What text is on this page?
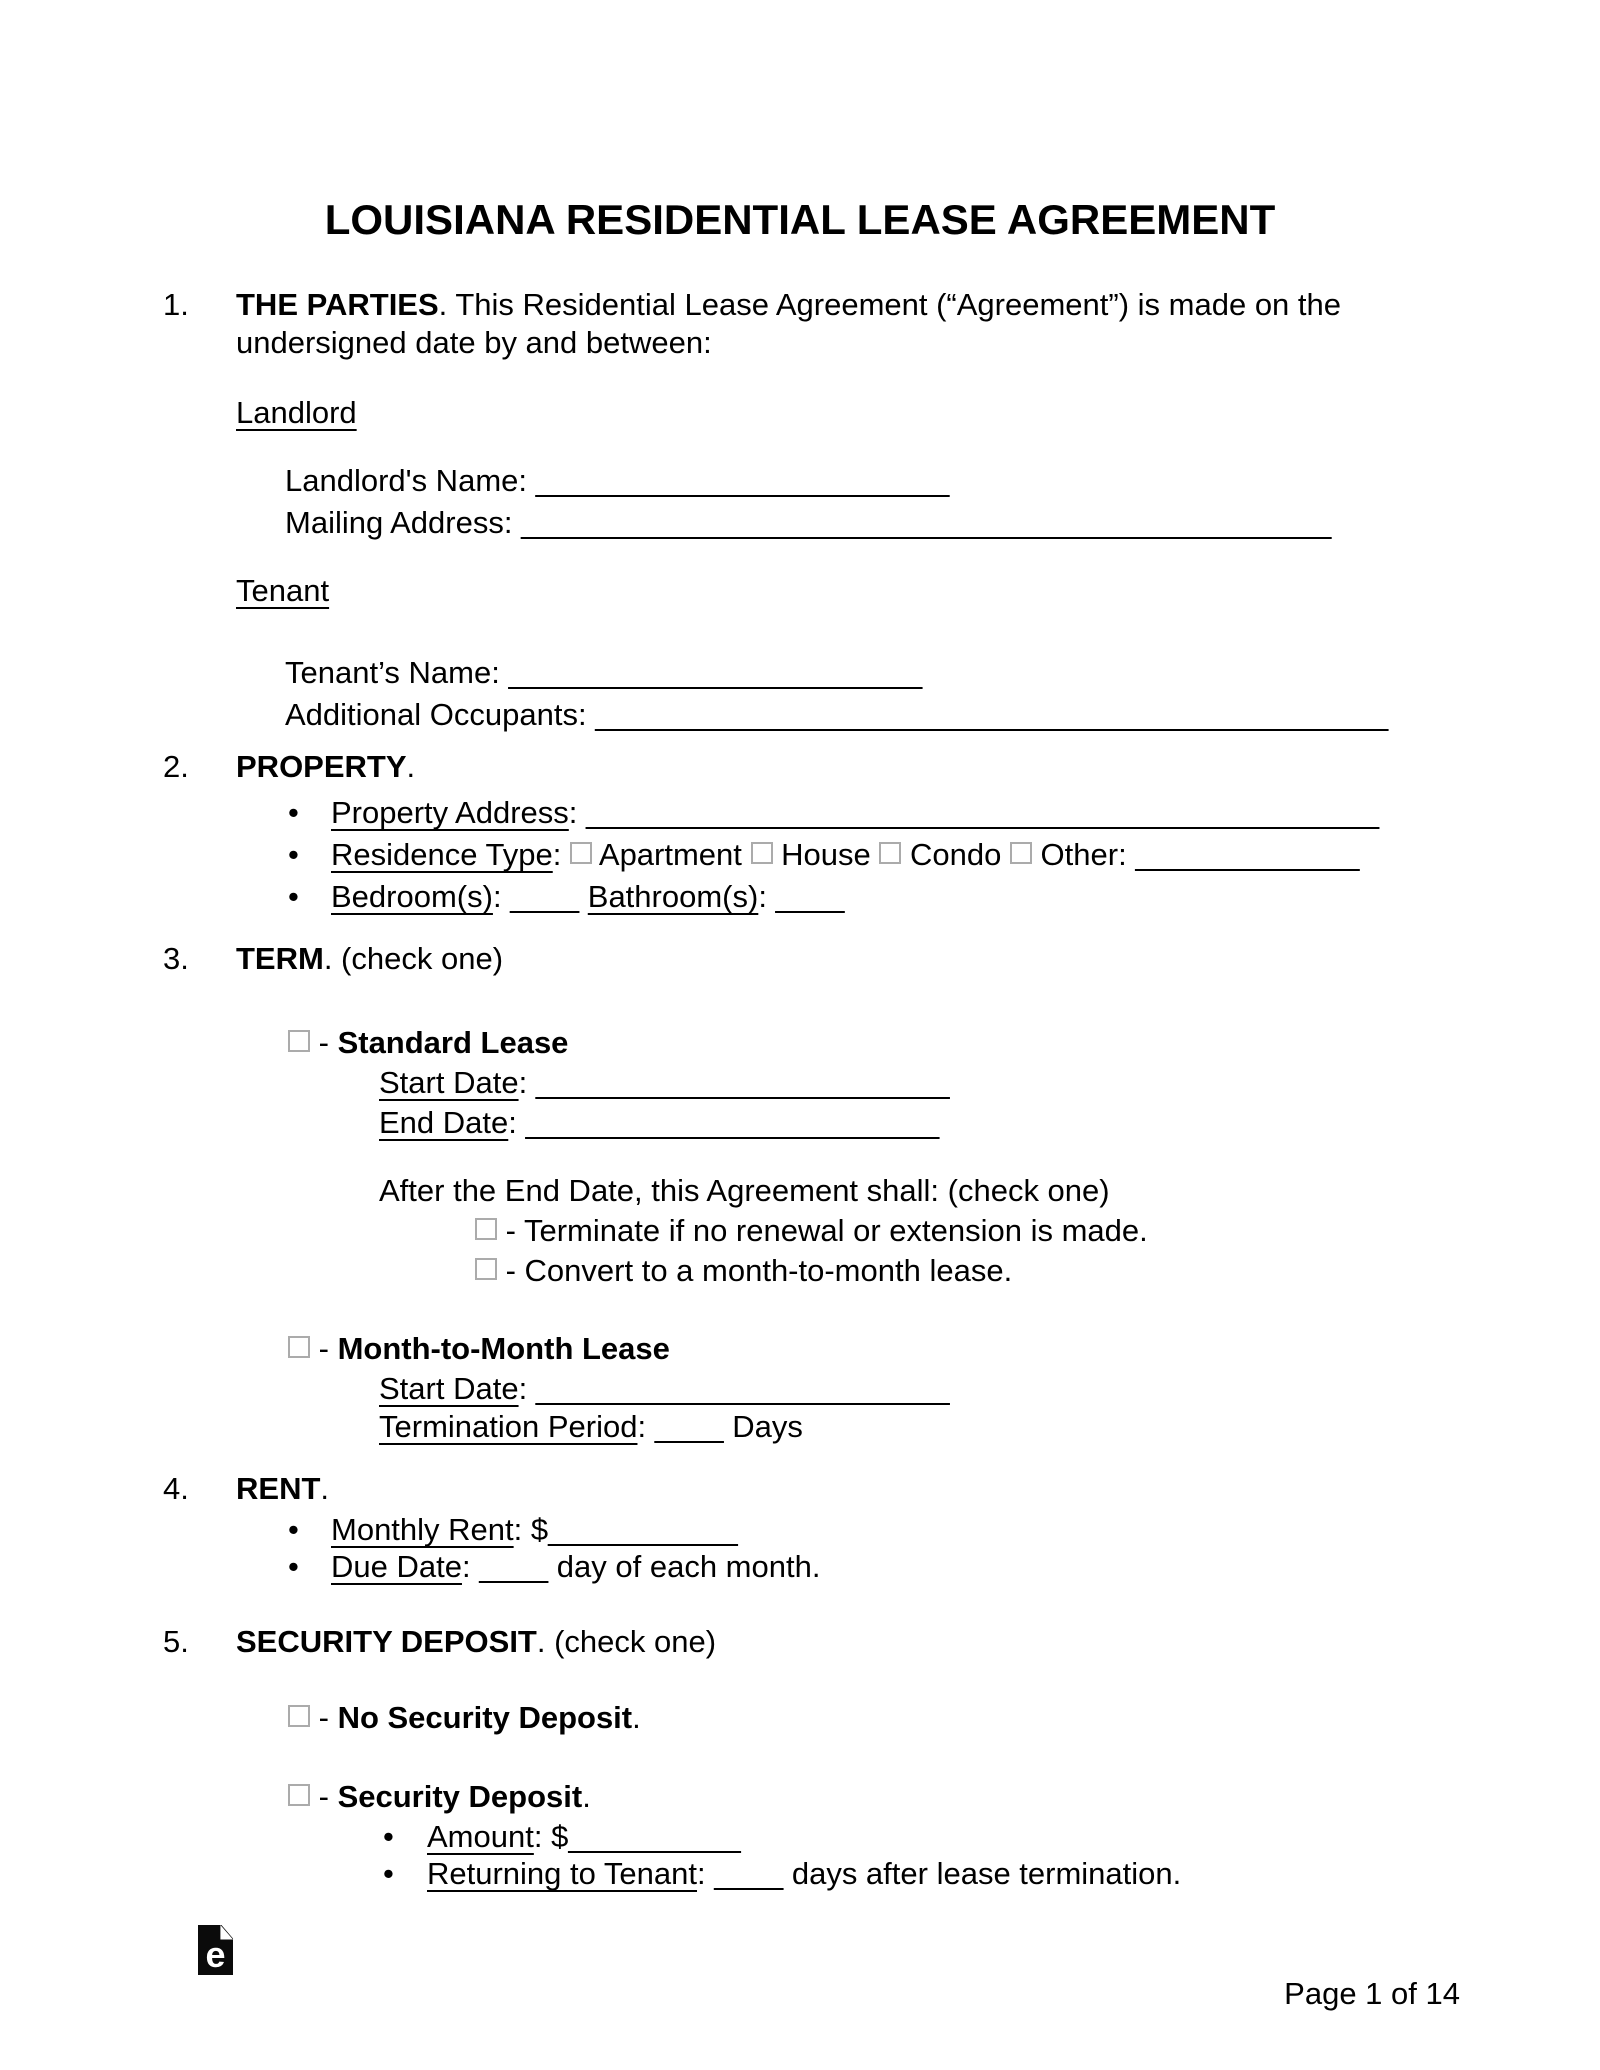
LOUISIANA RESIDENTIAL LEASE AGREEMENT
1. THE PARTIES. This Residential Lease Agreement (“Agreement”) is made on the
undersigned date by and between:
Landlord
Landlord's Name: ________________________
Mailing Address: _______________________________________________
Tenant
Tenant’s Name: ________________________
Additional Occupants: ______________________________________________
2. PROPERTY.
• Property Address: ______________________________________________
• Residence Type:  Apartment  House  Condo  Other: _____________
• Bedroom(s): ____ Bathroom(s): ____
3. TERM. (check one)
- Standard Lease
Start Date: ________________________
End Date: ________________________
After the End Date, this Agreement shall: (check one)
- Terminate if no renewal or extension is made.
- Convert to a month-to-month lease.
- Month-to-Month Lease
Start Date: ________________________
Termination Period: ____ Days
4. RENT.
• Monthly Rent: $___________
• Due Date: ____ day of each month.
5. SECURITY DEPOSIT. (check one)
- No Security Deposit.
- Security Deposit.
• Amount: $__________
• Returning to Tenant: ____ days after lease termination.
e
Page 1 of 14
